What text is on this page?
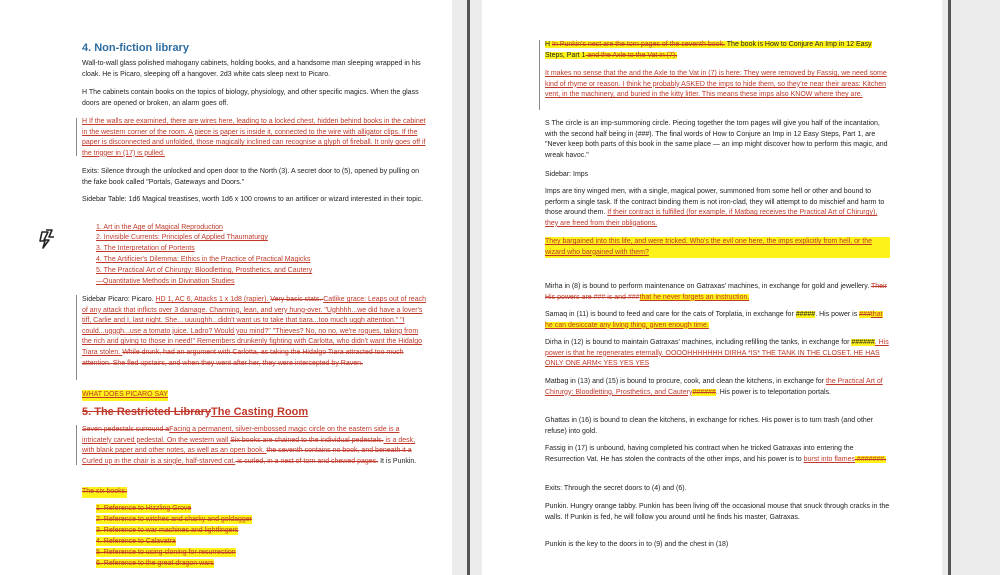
4. Non-fiction library

Wall-to-wall glass polished mahogany cabinets, holding books, and a handsome man sleeping wrapped in his cloak. He is Picaro, sleeping off a hangover. 2d3 white cats sleep next to Picaro.

H The cabinets contain books on the topics of biology, physiology, and other specific magics. When the glass doors are opened or broken, an alarm goes off.

H If the walls are examined, there are wires here, leading to a locked chest, hidden behind books in the cabinet in the western corner of the room. A piece is paper is inside it, connected to the wire with alligator clips. If the paper is disconnected and unfolded, those magically inclined can recognise a glyph of fireball. It only goes off if the trigger in (17) is pulled.

Exits: Silence through the unlocked and open door to the North (3). A secret door to (5), opened by pulling on the fake book called "Portals, Gateways and Doors."

Sidebar Table: 1d6 Magical treastises, worth 1d6 x 100 crowns to an artificer or wizard interested in their topic.

1. Art in the Age of Magical Reproduction
2. Invisible Currents: Principles of Applied Thaumaturgy
3. The Interpretation of Portents
4. The Artificier's Dilemma: Ethics in the Practice of Practical Magicks
5. The Practical Art of Chirurgy: Bloodletting, Prosthetics, and Cautery
—Quantitative Methods in Divination Studies

Sidebar Picaro: Picaro. HD 1, AC 6, Attacks 1 x 1d8 (rapier). Very basic stats. Catlike grace: Leaps out of reach of any attack that inflicts over 3 damage. Charming, lean, and very hung-over. "Ughhhh...we did have a lover's tiff, Carlie and I, last night. She... uuuughh...didn't want us to take that tiara...too much uggh attention." "I could...ugggh...use a tomato juice. Ladro? Would you mind?" "Thieves? No, no no, we're rogues, taking from the rich and giving to those in need!" Remembers drunkenly fighting with Carlotta, who didn't want the Hidalgo Tiara stolen. While drunk, had an argument with Carlotta, as taking the Hidalgo Tiara attracted too much attention. She fled upstairs, and when they went after her, they were intercepted by Raven.

WHAT DOES PICARO SAY

5. The Restricted LibraryThe Casting Room

Seven pedestals surround aFacing a permanent, silver-embossed magic circle on the eastern side is a intricately carved pedestal. On the western wall Six books are chained to the individual pedestals. is a desk, with blank paper and other notes, as well as an open book. the seventh contains no book, and beneath it a Curled up in the chair is a single, half-starved cat. is curled, in a nest of torn and chewed pages. It is Punkin.

The six books:

1. Reference to Hizzling Grove
2. Reference to witches and sharky and goldagger
3. Reference to war machines and lightfingers
4. Reference to Calavatra
5. Reference to using cloning for resurrection
6. Reference to the great dragon wars

H In Punkin's nest are the torn pages of the seventh book. The book is How to Conjure An Imp in 12 Easy Steps, Part 1 and the Axle to the Vat in (7).

It makes no sense that the and the Axle to the Vat in (7) is here: They were removed by Fassig, we need some kind of rhyme or reason. I think he probably ASKED the imps to hide them, so they're near their areas: Kitchen vent, in the machinery, and buried in the kitty litter. This means these imps also KNOW where they are.

S The circle is an imp-summoning circle. Piecing together the torn pages will give you half of the incantation, with the second half being in (###). The final words of How to Conjure an Imp in 12 Easy Steps, Part 1, are "Never keep both parts of this book in the same place — an imp might discover how to perform this magic, and wreak havoc."

Sidebar: Imps

Imps are tiny winged men, with a single, magical power, summoned from some hell or other and bound to perform a single task. If the contract binding them is not iron-clad, they will attempt to do mischief and harm to those around them. If their contract is fulfilled (for example, if Matbag receives the Practical Art of Chirurgy), they are freed from their obligations.

They bargained into this life, and were tricked. Who's the evil one here, the imps explicitly from hell, or the wizard who bargained with them?

Mirha in (8) is bound to perform maintenance on Gatraxas' machines, in exchange for gold and jewellery. Their His powers are ### is and ###that he never forgets an instruction.

Samaq in (11) is bound to feed and care for the cats of Torplatia, in exchange for #####. His power is ###that he can desiccate any living thing, given enough time.

Dirha in (12) is bound to maintain Gatraxas' machines, including refilling the tanks, in exchange for ######. His power is that he regenerates eternally. OOOOHHHHHHH DIRHA *IS* THE TANK IN THE CLOSET. HE HAS ONLY ONE ARM< YES YES YES

Matbag in (13) and (15) is bound to procure, cook, and clean the kitchens, in exchange for the Practical Art of Chirurgy: Bloodletting, Prosthetics, and Cautery######. His power is to teleportation portals.

Ghattas in (16) is bound to clean the kitchens, in exchange for riches. His power is to turn trash (and other refuse) into gold.

Fassig in (17) is unbound, having completed his contract when he tricked Gatraxas into entering the Resurrection Vat. He has stolen the contracts of the other imps, and his power is to burst into flames #######.

Exits: Through the secret doors to (4) and (6).

Punkin. Hungry orange tabby. Punkin has been living off the occasional mouse that snuck through cracks in the walls. If Punkin is fed, he will follow you around until he finds his master, Gatraxas.

Punkin is the key to the doors in to (9) and the chest in (18)
